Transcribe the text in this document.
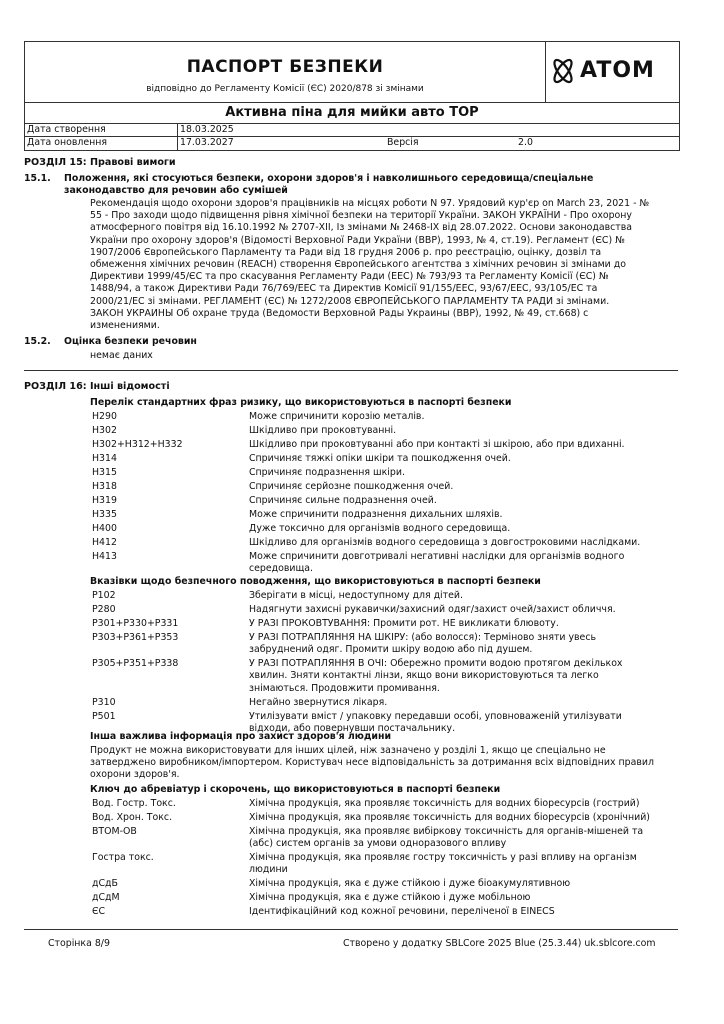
ПАСПОРТ БЕЗПЕКИ
відповідно до Регламенту Комісії (ЄС) 2020/878 зі змінами
ATOM
Активна піна для мийки авто TOP
Дата створення	18.03.2025
Дата оновлення	17.03.2027	Версія	2.0
РОЗДІЛ 15: Правові вимоги
15.1. Положення, які стосуються безпеки, охорони здоров'я і навколишнього середовища/спеціальне
законодавство для речовин або сумішей
Рекомендація щодо охорони здоров'я працівників на місцях роботи N 97. Урядовий кур'єр on March 23, 2021 - №
55 - Про заходи щодо підвищення рівня хімічної безпеки на території України. ЗАКОН УКРАЇНИ - Про охорону
атмосферного повітря від 16.10.1992 № 2707-XII, Із змінами № 2468-IX від 28.07.2022. Основи законодавства
України про охорону здоров'я (Відомості Верховної Ради України (ВВР), 1993, № 4, ст.19). Регламент (ЄС) №
1907/2006 Європейського Парламенту та Ради від 18 грудня 2006 р. про реєстрацію, оцінку, дозвіл та
обмеження хімічних речовин (REACH) створення Європейського агентства з хімічних речовин зі змінами до
Директиви 1999/45/ЄС та про скасування Регламенту Ради (ЕЕС) № 793/93 та Регламенту Комісії (ЄС) №
1488/94, а також Директиви Ради 76/769/ЕЕС та Директив Комісії 91/155/ЕЕС, 93/67/ЕЕС, 93/105/ЕС та
2000/21/ЕС зі змінами. РЕГЛАМЕНТ (ЄС) № 1272/2008 ЄВРОПЕЙСЬКОГО ПАРЛАМЕНТУ ТА РАДИ зі змінами.
ЗАКОН УКРАИНЫ Об охране труда (Ведомости Верховной Рады Украины (ВВР), 1992, № 49, ст.668) с
изменениями.
15.2. Оцінка безпеки речовин
немає даних
РОЗДІЛ 16: Інші відомості
Перелік стандартних фраз ризику, що використовуються в паспорті безпеки
H290	Може спричинити корозію металів.
H302	Шкідливо при проковтуванні.
H302+H312+H332	Шкідливо при проковтуванні або при контакті зі шкірою, або при вдиханні.
H314	Спричиняє тяжкі опіки шкіри та пошкодження очей.
H315	Спричиняє подразнення шкіри.
H318	Спричиняє серйозне пошкодження очей.
H319	Спричиняє сильне подразнення очей.
H335	Може спричинити подразнення дихальних шляхів.
H400	Дуже токсично для організмів водного середовища.
H412	Шкідливо для організмів водного середовища з довгостроковими наслідками.
H413	Може спричинити довготривалі негативні наслідки для організмів водного
середовища.
Вказівки щодо безпечного поводження, що використовуються в паспорті безпеки
P102	Зберігати в місці, недоступному для дітей.
P280	Надягнути захисні рукавички/захисний одяг/захист очей/захист обличчя.
P301+P330+P331	У РАЗІ ПРОКОВТУВАННЯ: Промити рот. НЕ викликати блювоту.
P303+P361+P353	У РАЗІ ПОТРАПЛЯННЯ НА ШКІРУ: (або волосся): Терміново зняти увесь
забруднений одяг. Промити шкіру водою або під душем.
P305+P351+P338	У РАЗІ ПОТРАПЛЯННЯ В ОЧІ: Обережно промити водою протягом декількох
хвилин. Зняти контактні лінзи, якщо вони використовуються та легко
знімаються. Продовжити промивання.
P310	Негайно звернутися лікаря.
P501	Утилізувати вміст / упаковку передавши особі, уповноваженій утилізувати
відходи, або повернувши постачальнику.
Інша важлива інформація про захист здоров'я людини
Продукт не можна використовувати для інших цілей, ніж зазначено у розділі 1, якщо це спеціально не
затверджено виробником/імпортером. Користувач несе відповідальність за дотримання всіх відповідних правил
охорони здоров'я.
Ключ до абревіатур і скорочень, що використовуються в паспорті безпеки
Вод. Гостр. Токс.	Хімічна продукція, яка проявляє токсичність для водних біоресурсів (гострий)
Вод. Хрон. Токс.	Хімічна продукція, яка проявляє токсичність для водних біоресурсів (хронічний)
ВТОМ-ОВ	Хімічна продукція, яка проявляє вибіркову токсичність для органів-мішеней та
(абс) систем органів за умови одноразового впливу
Гостра токс.	Хімічна продукція, яка проявляє гостру токсичність у разі впливу на організм
людини
дСдБ	Хімічна продукція, яка є дуже стійкою і дуже біоакумулятивною
дСдМ	Хімічна продукція, яка є дуже стійкою і дуже мобільною
ЄС	Ідентифікаційний код кожної речовини, переліченої в EINECS
Сторінка 8/9	Створено у додатку SBLCore 2025 Blue (25.3.44) uk.sblcore.com
